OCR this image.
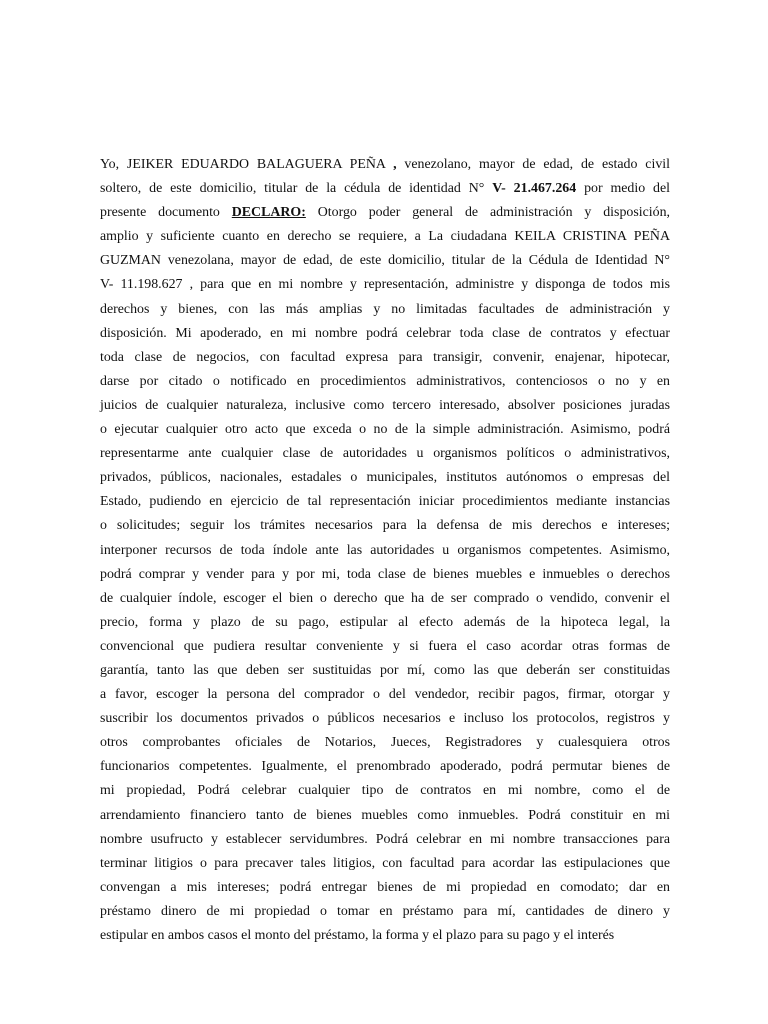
Yo, JEIKER EDUARDO BALAGUERA PEÑA , venezolano, mayor de edad, de estado civil
soltero, de este domicilio, titular de la cédula de identidad N° V- 21.467.264 por medio del
presente documento DECLARO: Otorgo poder general de administración y disposición,
amplio y suficiente cuanto en derecho se requiere, a La ciudadana KEILA CRISTINA PEÑA
GUZMAN venezolana, mayor de edad, de este domicilio, titular de la Cédula de Identidad N°
V- 11.198.627 , para que en mi nombre y representación, administre y disponga de todos mis
derechos y bienes, con las más amplias y no limitadas facultades de administración y
disposición. Mi apoderado, en mi nombre podrá celebrar toda clase de contratos y efectuar
toda clase de negocios, con facultad expresa para transigir, convenir, enajenar, hipotecar,
darse por citado o notificado en procedimientos administrativos, contenciosos o no y en
juicios de cualquier naturaleza, inclusive como tercero interesado, absolver posiciones juradas
o ejecutar cualquier otro acto que exceda o no de la simple administración. Asimismo, podrá
representarme ante cualquier clase de autoridades u organismos políticos o administrativos,
privados, públicos, nacionales, estadales o municipales, institutos autónomos o empresas del
Estado, pudiendo en ejercicio de tal representación iniciar procedimientos mediante instancias
o solicitudes; seguir los trámites necesarios para la defensa de mis derechos e intereses;
interponer recursos de toda índole ante las autoridades u organismos competentes. Asimismo,
podrá comprar y vender para y por mi, toda clase de bienes muebles e inmuebles o derechos
de cualquier índole, escoger el bien o derecho que ha de ser comprado o vendido, convenir el
precio, forma y plazo de su pago, estipular al efecto además de la hipoteca legal, la
convencional que pudiera resultar conveniente y si fuera el caso acordar otras formas de
garantía, tanto las que deben ser sustituidas por mí, como las que deberán ser constituidas
a favor, escoger la persona del comprador o del vendedor, recibir pagos, firmar, otorgar y
suscribir los documentos privados o públicos necesarios e incluso los protocolos, registros y
otros comprobantes oficiales de Notarios, Jueces, Registradores y cualesquiera otros
funcionarios competentes. Igualmente, el prenombrado apoderado, podrá permutar bienes de
mi propiedad, Podrá celebrar cualquier tipo de contratos en mi nombre, como el de
arrendamiento financiero tanto de bienes muebles como inmuebles. Podrá constituir en mi
nombre usufructo y establecer servidumbres. Podrá celebrar en mi nombre transacciones para
terminar litigios o para precaver tales litigios, con facultad para acordar las estipulaciones que
convengan a mis intereses; podrá entregar bienes de mi propiedad en comodato; dar en
préstamo dinero de mi propiedad o tomar en préstamo para mí, cantidades de dinero y
estipular en ambos casos el monto del préstamo, la forma y el plazo para su pago y el interés
